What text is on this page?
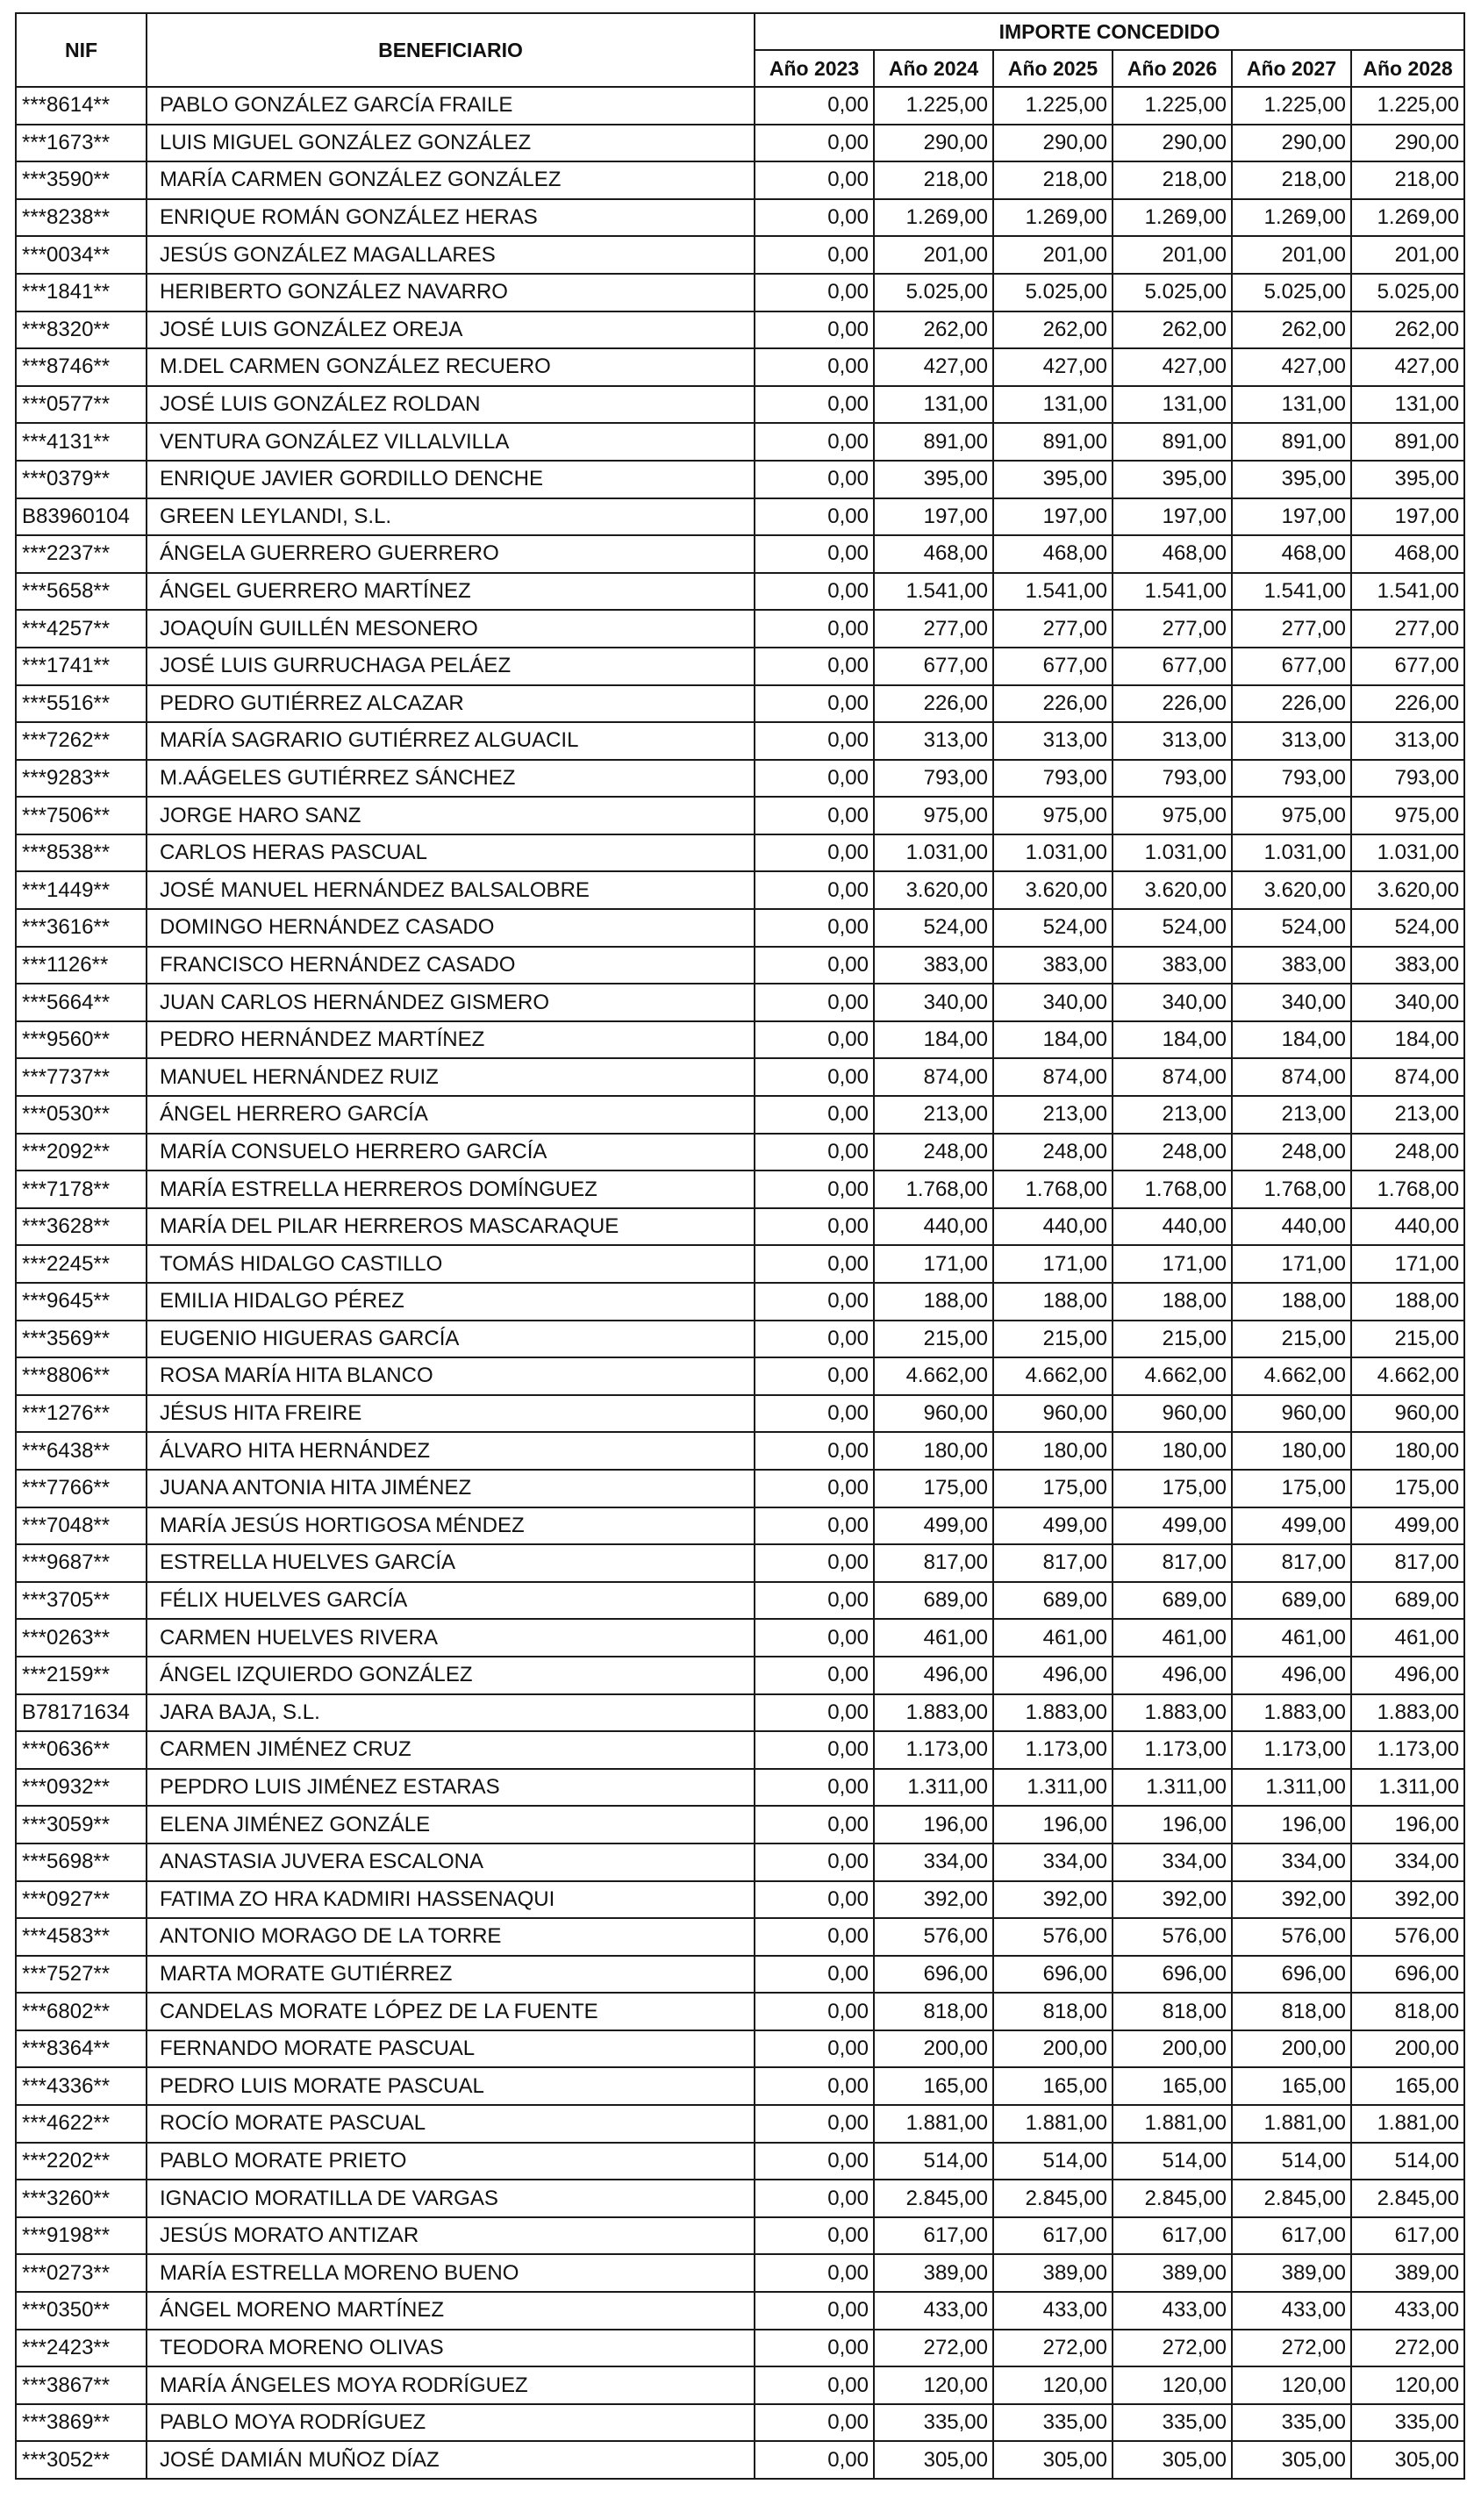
NIF	BENEFICIARIO	IMPORTE CONCEDIDO					
		Año 2023	Año 2024	Año 2025	Año 2026	Año 2027	Año 2028
***8614**	PABLO GONZÁLEZ GARCÍA FRAILE	0,00	1.225,00	1.225,00	1.225,00	1.225,00	1.225,00
***1673**	LUIS MIGUEL GONZÁLEZ GONZÁLEZ	0,00	290,00	290,00	290,00	290,00	290,00
***3590**	MARÍA CARMEN GONZÁLEZ GONZÁLEZ	0,00	218,00	218,00	218,00	218,00	218,00
***8238**	ENRIQUE ROMÁN GONZÁLEZ HERAS	0,00	1.269,00	1.269,00	1.269,00	1.269,00	1.269,00
***0034**	JESÚS GONZÁLEZ MAGALLARES	0,00	201,00	201,00	201,00	201,00	201,00
***1841**	HERIBERTO GONZÁLEZ NAVARRO	0,00	5.025,00	5.025,00	5.025,00	5.025,00	5.025,00
***8320**	JOSÉ LUIS GONZÁLEZ OREJA	0,00	262,00	262,00	262,00	262,00	262,00
***8746**	M.DEL CARMEN GONZÁLEZ RECUERO	0,00	427,00	427,00	427,00	427,00	427,00
***0577**	JOSÉ LUIS GONZÁLEZ ROLDAN	0,00	131,00	131,00	131,00	131,00	131,00
***4131**	VENTURA GONZÁLEZ VILLALVILLA	0,00	891,00	891,00	891,00	891,00	891,00
***0379**	ENRIQUE JAVIER GORDILLO DENCHE	0,00	395,00	395,00	395,00	395,00	395,00
B83960104	GREEN LEYLANDI, S.L.	0,00	197,00	197,00	197,00	197,00	197,00
***2237**	ÁNGELA GUERRERO GUERRERO	0,00	468,00	468,00	468,00	468,00	468,00
***5658**	ÁNGEL GUERRERO MARTÍNEZ	0,00	1.541,00	1.541,00	1.541,00	1.541,00	1.541,00
***4257**	JOAQUÍN GUILLÉN MESONERO	0,00	277,00	277,00	277,00	277,00	277,00
***1741**	JOSÉ LUIS GURRUCHAGA PELÁEZ	0,00	677,00	677,00	677,00	677,00	677,00
***5516**	PEDRO GUTIÉRREZ ALCAZAR	0,00	226,00	226,00	226,00	226,00	226,00
***7262**	MARÍA SAGRARIO GUTIÉRREZ ALGUACIL	0,00	313,00	313,00	313,00	313,00	313,00
***9283**	M.AÁGELES GUTIÉRREZ SÁNCHEZ	0,00	793,00	793,00	793,00	793,00	793,00
***7506**	JORGE HARO SANZ	0,00	975,00	975,00	975,00	975,00	975,00
***8538**	CARLOS HERAS PASCUAL	0,00	1.031,00	1.031,00	1.031,00	1.031,00	1.031,00
***1449**	JOSÉ MANUEL HERNÁNDEZ BALSALOBRE	0,00	3.620,00	3.620,00	3.620,00	3.620,00	3.620,00
***3616**	DOMINGO HERNÁNDEZ CASADO	0,00	524,00	524,00	524,00	524,00	524,00
***1126**	FRANCISCO HERNÁNDEZ CASADO	0,00	383,00	383,00	383,00	383,00	383,00
***5664**	JUAN CARLOS HERNÁNDEZ GISMERO	0,00	340,00	340,00	340,00	340,00	340,00
***9560**	PEDRO HERNÁNDEZ MARTÍNEZ	0,00	184,00	184,00	184,00	184,00	184,00
***7737**	MANUEL HERNÁNDEZ RUIZ	0,00	874,00	874,00	874,00	874,00	874,00
***0530**	ÁNGEL HERRERO GARCÍA	0,00	213,00	213,00	213,00	213,00	213,00
***2092**	MARÍA CONSUELO HERRERO GARCÍA	0,00	248,00	248,00	248,00	248,00	248,00
***7178**	MARÍA ESTRELLA HERREROS DOMÍNGUEZ	0,00	1.768,00	1.768,00	1.768,00	1.768,00	1.768,00
***3628**	MARÍA DEL PILAR HERREROS MASCARAQUE	0,00	440,00	440,00	440,00	440,00	440,00
***2245**	TOMÁS HIDALGO CASTILLO	0,00	171,00	171,00	171,00	171,00	171,00
***9645**	EMILIA HIDALGO PÉREZ	0,00	188,00	188,00	188,00	188,00	188,00
***3569**	EUGENIO HIGUERAS GARCÍA	0,00	215,00	215,00	215,00	215,00	215,00
***8806**	ROSA MARÍA HITA BLANCO	0,00	4.662,00	4.662,00	4.662,00	4.662,00	4.662,00
***1276**	JÉSUS HITA FREIRE	0,00	960,00	960,00	960,00	960,00	960,00
***6438**	ÁLVARO HITA HERNÁNDEZ	0,00	180,00	180,00	180,00	180,00	180,00
***7766**	JUANA ANTONIA HITA JIMÉNEZ	0,00	175,00	175,00	175,00	175,00	175,00
***7048**	MARÍA JESÚS HORTIGOSA MÉNDEZ	0,00	499,00	499,00	499,00	499,00	499,00
***9687**	ESTRELLA HUELVES GARCÍA	0,00	817,00	817,00	817,00	817,00	817,00
***3705**	FÉLIX HUELVES GARCÍA	0,00	689,00	689,00	689,00	689,00	689,00
***0263**	CARMEN HUELVES RIVERA	0,00	461,00	461,00	461,00	461,00	461,00
***2159**	ÁNGEL IZQUIERDO GONZÁLEZ	0,00	496,00	496,00	496,00	496,00	496,00
B78171634	JARA BAJA, S.L.	0,00	1.883,00	1.883,00	1.883,00	1.883,00	1.883,00
***0636**	CARMEN JIMÉNEZ CRUZ	0,00	1.173,00	1.173,00	1.173,00	1.173,00	1.173,00
***0932**	PEPDRO LUIS JIMÉNEZ ESTARAS	0,00	1.311,00	1.311,00	1.311,00	1.311,00	1.311,00
***3059**	ELENA JIMÉNEZ GONZÁLE	0,00	196,00	196,00	196,00	196,00	196,00
***5698**	ANASTASIA JUVERA ESCALONA	0,00	334,00	334,00	334,00	334,00	334,00
***0927**	FATIMA ZO HRA KADMIRI HASSENAQUI	0,00	392,00	392,00	392,00	392,00	392,00
***4583**	ANTONIO MORAGO DE LA TORRE	0,00	576,00	576,00	576,00	576,00	576,00
***7527**	MARTA MORATE GUTIÉRREZ	0,00	696,00	696,00	696,00	696,00	696,00
***6802**	CANDELAS MORATE LÓPEZ DE LA FUENTE	0,00	818,00	818,00	818,00	818,00	818,00
***8364**	FERNANDO MORATE PASCUAL	0,00	200,00	200,00	200,00	200,00	200,00
***4336**	PEDRO LUIS MORATE PASCUAL	0,00	165,00	165,00	165,00	165,00	165,00
***4622**	ROCÍO MORATE PASCUAL	0,00	1.881,00	1.881,00	1.881,00	1.881,00	1.881,00
***2202**	PABLO MORATE PRIETO	0,00	514,00	514,00	514,00	514,00	514,00
***3260**	IGNACIO MORATILLA DE VARGAS	0,00	2.845,00	2.845,00	2.845,00	2.845,00	2.845,00
***9198**	JESÚS MORATO ANTIZAR	0,00	617,00	617,00	617,00	617,00	617,00
***0273**	MARÍA ESTRELLA MORENO BUENO	0,00	389,00	389,00	389,00	389,00	389,00
***0350**	ÁNGEL MORENO MARTÍNEZ	0,00	433,00	433,00	433,00	433,00	433,00
***2423**	TEODORA MORENO OLIVAS	0,00	272,00	272,00	272,00	272,00	272,00
***3867**	MARÍA ÁNGELES MOYA RODRÍGUEZ	0,00	120,00	120,00	120,00	120,00	120,00
***3869**	PABLO MOYA RODRÍGUEZ	0,00	335,00	335,00	335,00	335,00	335,00
***3052**	JOSÉ DAMIÁN MUÑOZ DÍAZ	0,00	305,00	305,00	305,00	305,00	305,00
